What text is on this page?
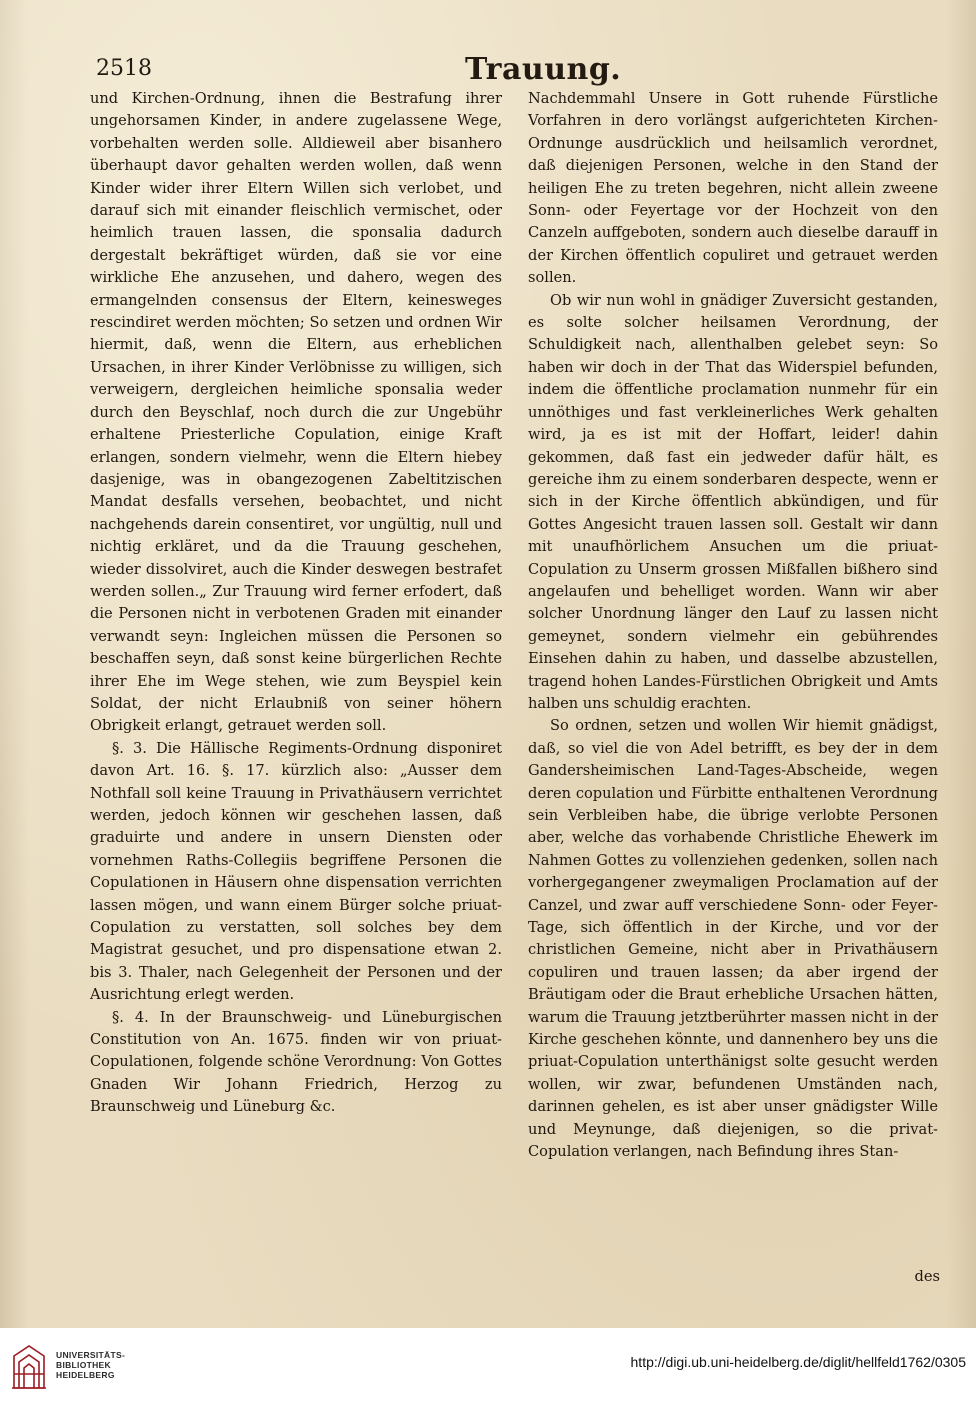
2518	Trauung.

und Kirchen-Ordnung, ihnen die Bestrafung ihrer ungehorsamen Kinder, in andere zugelassene Wege, vorbehalten werden solle. Alldieweil aber bisanhero überhaupt davor gehalten werden wollen, daß wenn Kinder wider ihrer Eltern Willen sich verlobet, und darauf sich mit einander fleischlich vermischet, oder heimlich trauen lassen, die sponsalia dadurch dergestalt bekräftiget würden, daß sie vor eine wirkliche Ehe anzusehen, und dahero, wegen des ermangelnden consensus der Eltern, keinesweges rescindiret werden möchten; So setzen und ordnen Wir hiermit, daß, wenn die Eltern, aus erheblichen Ursachen, in ihrer Kinder Verlöbnisse zu willigen, sich verweigern, dergleichen heimliche sponsalia weder durch den Beyschlaf, noch durch die zur Ungebühr erhaltene Priesterliche Copulation, einige Kraft erlangen, sondern vielmehr, wenn die Eltern hiebey dasjenige, was in obangezogenen Zabeltitzischen Mandat desfalls versehen, beobachtet, und nicht nachgehends darein consentiret, vor ungültig, null und nichtig erkläret, und da die Trauung geschehen, wieder dissolviret, auch die Kinder deswegen bestrafet werden sollen.„ Zur Trauung wird ferner erfodert, daß die Personen nicht in verbotenen Graden mit einander verwandt seyn: Ingleichen müssen die Personen so beschaffen seyn, daß sonst keine bürgerlichen Rechte ihrer Ehe im Wege stehen, wie zum Beyspiel kein Soldat, der nicht Erlaubniß von seiner höhern Obrigkeit erlangt, getrauet werden soll.

§. 3. Die Hällische Regiments-Ordnung disponiret davon Art. 16. §. 17. kürzlich also: „Ausser dem Nothfall soll keine Trauung in Privathäusern verrichtet werden, jedoch können wir geschehen lassen, daß graduirte und andere in unsern Diensten oder vornehmen Raths-Collegiis begriffene Personen die Copulationen in Häusern ohne dispensation verrichten lassen mögen, und wann einem Bürger solche priuat-Copulation zu verstatten, soll solches bey dem Magistrat gesuchet, und pro dispensatione etwan 2. bis 3. Thaler, nach Gelegenheit der Personen und der Ausrichtung erlegt werden.

§. 4. In der Braunschweig- und Lüneburgischen Constitution von An. 1675. finden wir von priuat-Copulationen, folgende schöne Verordnung: Von Gottes Gnaden Wir Johann Friedrich, Herzog zu Braunschweig und Lüneburg &c.

Nachdemmahl Unsere in Gott ruhende Fürstliche Vorfahren in dero vorlängst aufgerichteten Kirchen-Ordnunge ausdrücklich und heilsamlich verordnet, daß diejenigen Personen, welche in den Stand der heiligen Ehe zu treten begehren, nicht allein zweene Sonn- oder Feyertage vor der Hochzeit von den Canzeln auffgeboten, sondern auch dieselbe darauff in der Kirchen öffentlich copuliret und getrauet werden sollen.

Ob wir nun wohl in gnädiger Zuversicht gestanden, es solte solcher heilsamen Verordnung, der Schuldigkeit nach, allenthalben gelebet seyn: So haben wir doch in der That das Widerspiel befunden, indem die öffentliche proclamation nunmehr für ein unnöthiges und fast verkleinerliches Werk gehalten wird, ja es ist mit der Hoffart, leider! dahin gekommen, daß fast ein jedweder dafür hält, es gereiche ihm zu einem sonderbaren despecte, wenn er sich in der Kirche öffentlich abkündigen, und für Gottes Angesicht trauen lassen soll. Gestalt wir dann mit unaufhörlichem Ansuchen um die priuat-Copulation zu Unserm grossen Mißfallen bißhero sind angelaufen und behelliget worden. Wann wir aber solcher Unordnung länger den Lauf zu lassen nicht gemeynet, sondern vielmehr ein gebührendes Einsehen dahin zu haben, und dasselbe abzustellen, tragend hohen Landes-Fürstlichen Obrigkeit und Amts halben uns schuldig erachten.

So ordnen, setzen und wollen Wir hiemit gnädigst, daß, so viel die von Adel betrifft, es bey der in dem Gandersheimischen Land-Tages-Abscheide, wegen deren copulation und Fürbitte enthaltenen Verordnung sein Verbleiben habe, die übrige verlobte Personen aber, welche das vorhabende Christliche Ehewerk im Nahmen Gottes zu vollenziehen gedenken, sollen nach vorhergegangener zweymaligen Proclamation auf der Canzel, und zwar auff verschiedene Sonn- oder Feyer-Tage, sich öffentlich in der Kirche, und vor der christlichen Gemeine, nicht aber in Privathäusern copuliren und trauen lassen; da aber irgend der Bräutigam oder die Braut erhebliche Ursachen hätten, warum die Trauung jetztberührter massen nicht in der Kirche geschehen könnte, und dannenhero bey uns die priuat-Copulation unterthänigst solte gesucht werden wollen, wir zwar, befundenen Umständen nach, darinnen gehelen, es ist aber unser gnädigster Wille und Meynunge, daß diejenigen, so die privat-Copulation verlangen, nach Befindung ihres Stan-

des
UNIVERSITÄTS-
BIBLIOTHEK
HEIDELBERG
http://digi.ub.uni-heidelberg.de/diglit/hellfeld1762/0305
